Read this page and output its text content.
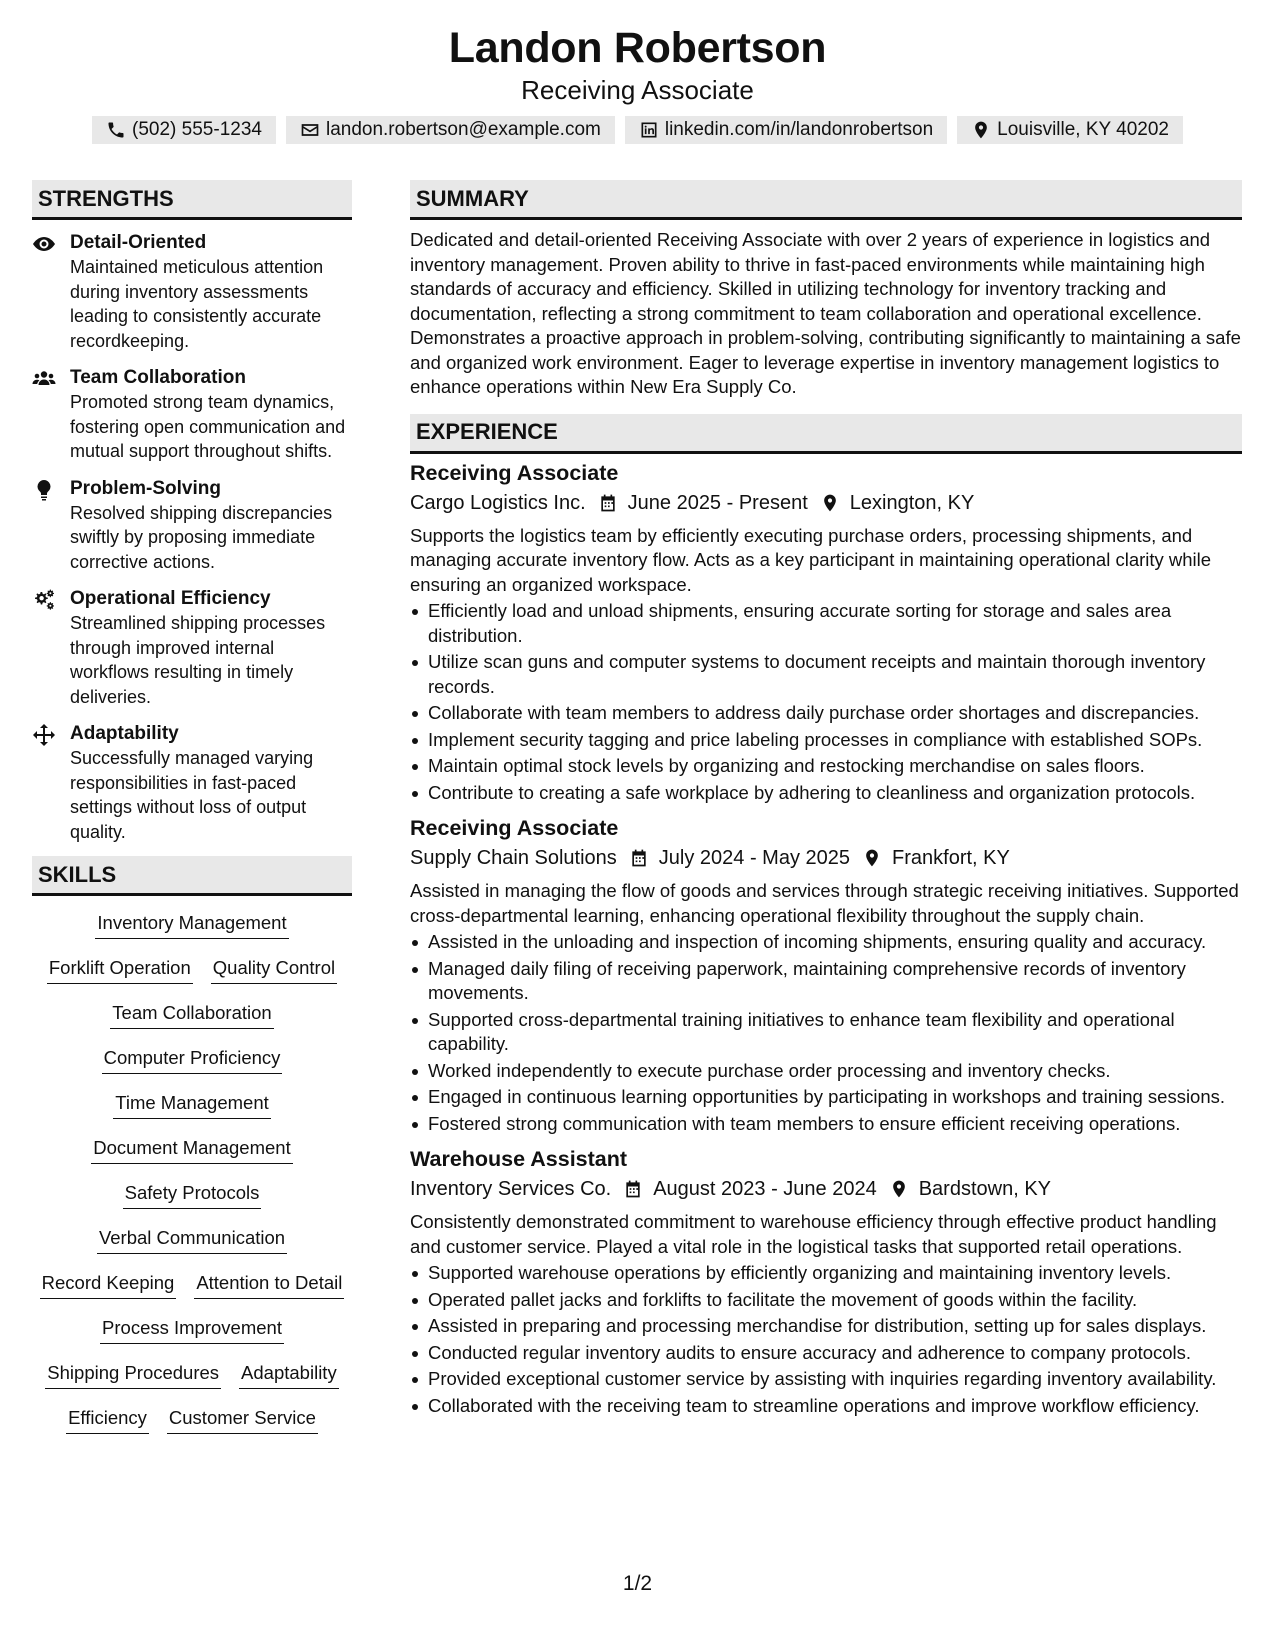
Landon Robertson
Receiving Associate
(502) 555-1234	landon.robertson@example.com	linkedin.com/in/landonrobertson	Louisville, KY 40202
STRENGTHS
Detail-Oriented
Maintained meticulous attention during inventory assessments leading to consistently accurate recordkeeping.
Team Collaboration
Promoted strong team dynamics, fostering open communication and mutual support throughout shifts.
Problem-Solving
Resolved shipping discrepancies swiftly by proposing immediate corrective actions.
Operational Efficiency
Streamlined shipping processes through improved internal workflows resulting in timely deliveries.
Adaptability
Successfully managed varying responsibilities in fast-paced settings without loss of output quality.
SKILLS
Inventory Management
Forklift Operation Quality Control
Team Collaboration
Computer Proficiency
Time Management
Document Management
Safety Protocols
Verbal Communication
Record Keeping Attention to Detail
Process Improvement
Shipping Procedures Adaptability
Efficiency Customer Service
SUMMARY
Dedicated and detail-oriented Receiving Associate with over 2 years of experience in logistics and inventory management. Proven ability to thrive in fast-paced environments while maintaining high standards of accuracy and efficiency. Skilled in utilizing technology for inventory tracking and documentation, reflecting a strong commitment to team collaboration and operational excellence. Demonstrates a proactive approach in problem-solving, contributing significantly to maintaining a safe and organized work environment. Eager to leverage expertise in inventory management logistics to enhance operations within New Era Supply Co.
EXPERIENCE
Receiving Associate
Cargo Logistics Inc. June 2025 - Present Lexington, KY
Supports the logistics team by efficiently executing purchase orders, processing shipments, and managing accurate inventory flow. Acts as a key participant in maintaining operational clarity while ensuring an organized workspace.
Efficiently load and unload shipments, ensuring accurate sorting for storage and sales area distribution.
Utilize scan guns and computer systems to document receipts and maintain thorough inventory records.
Collaborate with team members to address daily purchase order shortages and discrepancies.
Implement security tagging and price labeling processes in compliance with established SOPs.
Maintain optimal stock levels by organizing and restocking merchandise on sales floors.
Contribute to creating a safe workplace by adhering to cleanliness and organization protocols.
Receiving Associate
Supply Chain Solutions July 2024 - May 2025 Frankfort, KY
Assisted in managing the flow of goods and services through strategic receiving initiatives. Supported cross-departmental learning, enhancing operational flexibility throughout the supply chain.
Assisted in the unloading and inspection of incoming shipments, ensuring quality and accuracy.
Managed daily filing of receiving paperwork, maintaining comprehensive records of inventory movements.
Supported cross-departmental training initiatives to enhance team flexibility and operational capability.
Worked independently to execute purchase order processing and inventory checks.
Engaged in continuous learning opportunities by participating in workshops and training sessions.
Fostered strong communication with team members to ensure efficient receiving operations.
Warehouse Assistant
Inventory Services Co. August 2023 - June 2024 Bardstown, KY
Consistently demonstrated commitment to warehouse efficiency through effective product handling and customer service. Played a vital role in the logistical tasks that supported retail operations.
Supported warehouse operations by efficiently organizing and maintaining inventory levels.
Operated pallet jacks and forklifts to facilitate the movement of goods within the facility.
Assisted in preparing and processing merchandise for distribution, setting up for sales displays.
Conducted regular inventory audits to ensure accuracy and adherence to company protocols.
Provided exceptional customer service by assisting with inquiries regarding inventory availability.
Collaborated with the receiving team to streamline operations and improve workflow efficiency.
1/2
